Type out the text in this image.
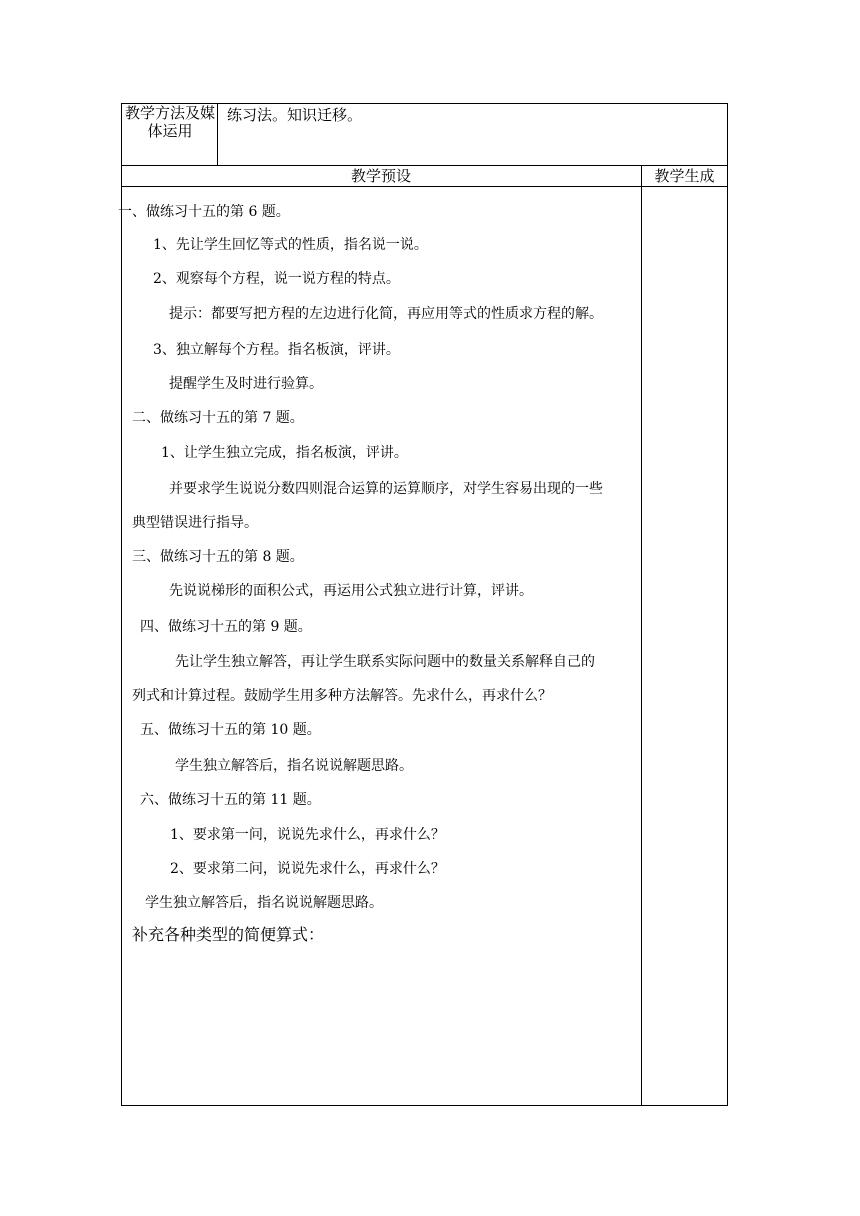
教学方法及媒体运用
练习法。知识迁移。
教学预设	教学生成
一、做练习十五的第 6 题。
1、先让学生回忆等式的性质，指名说一说。
2、观察每个方程，说一说方程的特点。
提示：都要写把方程的左边进行化简，再应用等式的性质求方程的解。
3、独立解每个方程。指名板演，评讲。
提醒学生及时进行验算。
二、做练习十五的第 7 题。
1、让学生独立完成，指名板演，评讲。
并要求学生说说分数四则混合运算的运算顺序，对学生容易出现的一些
典型错误进行指导。
三、做练习十五的第 8 题。
先说说梯形的面积公式，再运用公式独立进行计算，评讲。
四、做练习十五的第 9 题。
先让学生独立解答，再让学生联系实际问题中的数量关系解释自己的
列式和计算过程。鼓励学生用多种方法解答。先求什么，再求什么？
五、做练习十五的第 10 题。
学生独立解答后，指名说说解题思路。
六、做练习十五的第 11 题。
1、要求第一问，说说先求什么，再求什么？
2、要求第二问，说说先求什么，再求什么？
学生独立解答后，指名说说解题思路。
补充各种类型的简便算式：
